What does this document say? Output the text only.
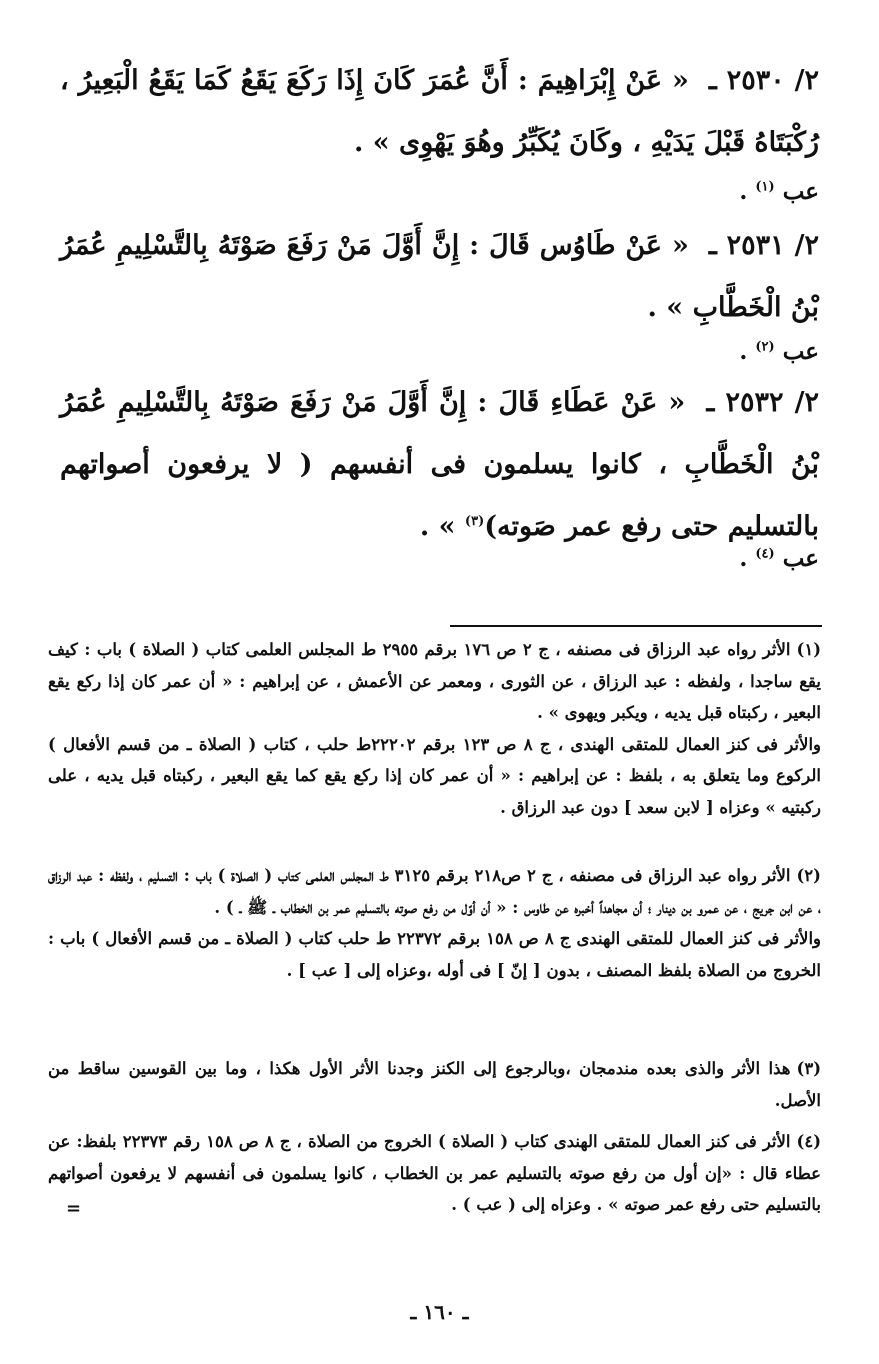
٢/ ٢٥٣٠ ـ « عَنْ إِبْرَاهِيمَ : أَنَّ عُمَرَ كَانَ إِذَا رَكَعَ يَقَعُ كَمَا يَقَعُ الْبَعِيرُ ، رُكْبَتَاهُ قَبْلَ يَدَيْهِ ، وكَانَ يُكَبِّرُ وهُوَ يَهْوِى » .
عب $^{(١)}$ .
٢/ ٢٥٣١ ـ « عَنْ طَاوُس قَالَ : إِنَّ أَوَّلَ مَنْ رَفَعَ صَوْتَهُ بِالتَّسْلِيمِ عُمَرُ بْنُ الْخَطَّابِ » .
عب $^{(٢)}$ .
٢/ ٢٥٣٢ ـ « عَنْ عَطَاءِ قَالَ : إِنَّ أَوَّلَ مَنْ رَفَعَ صَوْتَهُ بِالتَّسْلِيمِ عُمَرُ بْنُ الْخَطَّابِ ، كانوا يسلمون فى أنفسهم ( لا يرفعون أصواتهم بالتسليم حتى رفع عمر صَوته)$^{(٣)}$ » .
عب $^{(٤)}$ .

(١)الأثر رواه عبد الرزاق فى مصنفه ، ج ٢ ص ١٧٦ برقم ٢٩٥٥ ط المجلس العلمى كتاب ( الصلاة ) باب : كيف يقع ساجدا ، ولفظه : عبد الرزاق ، عن الثورى ، ومعمر عن الأعمش ، عن إبراهيم : « أن عمر كان إذا ركع يقع البعير ، ركبتاه قبل يديه ، ويكبر ويهوى » .

والأثر فى كنز العمال للمتقى الهندى ، ج ٨ ص ١٢٣ برقم ٢٢٢٠٢ط حلب ، كتاب ( الصلاة ـ من قسم الأفعال ) الركوع وما يتعلق به ، بلفظ : عن إبراهيم : « أن عمر كان إذا ركع يقع كما يقع البعير ، ركبتاه قبل يديه ، على ركبتيه » وعزاه [ لابن سعد ] دون عبد الرزاق .

(٢)الأثر رواه عبد الرزاق فى مصنفه ، ج ٢ ص٢١٨ برقم ٣١٢٥ ط المجلس العلمى كتاب ( الصلاة ) باب : التسليم ، ولفظه : عبد الرزاق ، عن ابن جريج ، عن عمرو بن دينار ؛ أن مجاهداً أخبره عن طاوس : « أن أوّل من رفع صوته بالتسليم عمر بن الخطاب ـ ﷺ ـ ) .

والأثر فى كنز العمال للمتقى الهندى ج ٨ ص ١٥٨ برقم ٢٢٣٧٢ ط حلب كتاب ( الصلاة ـ من قسم الأفعال ) باب : الخروج من الصلاة بلفظ المصنف ، بدون [ إنّ ] فى أوله ،وعزاه إلى [ عب ] .

(٣)هذا الأثر والذى بعده مندمجان ،وبالرجوع إلى الكنز وجدنا الأثر الأول هكذا ، وما بين القوسين ساقط من الأصل.

(٤)الأثر فى كنز العمال للمتقى الهندى كتاب ( الصلاة ) الخروج من الصلاة ، ج ٨ ص ١٥٨ رقم ٢٢٣٧٣ بلفظ: عن عطاء قال : «إن أول من رفع صوته بالتسليم عمر بن الخطاب ، كانوا يسلمون فى أنفسهم لا يرفعون أصواتهم بالتسليم حتى رفع عمر صوته » . وعزاه إلى ( عب ) .

=
ـ ١٦٠ ـ
